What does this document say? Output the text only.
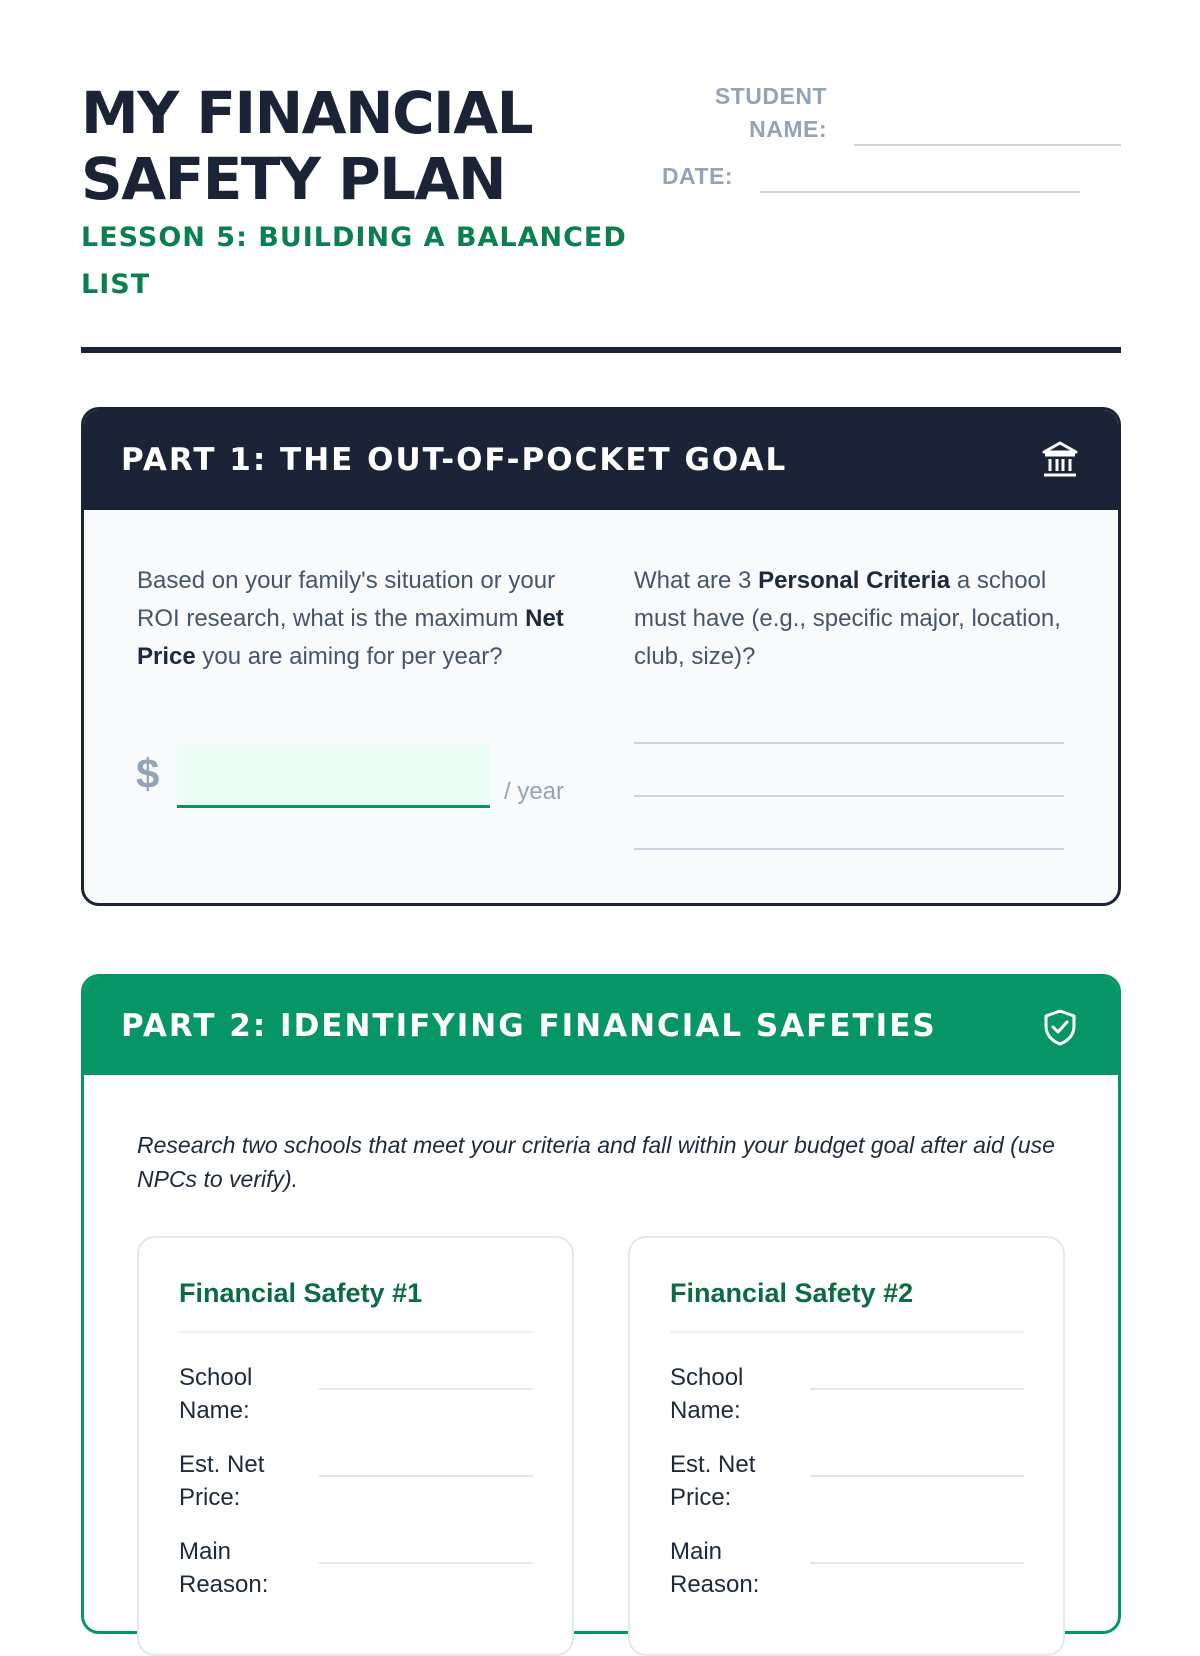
MY FINANCIAL
SAFETY PLAN
LESSON 5: BUILDING A BALANCED LIST
STUDENT
NAME:
DATE:
PART 1: THE OUT-OF-POCKET GOAL
Based on your family's situation or your ROI research, what is the maximum Net Price you are aiming for per year?
$	/ year
What are 3 Personal Criteria a school must have (e.g., specific major, location, club, size)?
PART 2: IDENTIFYING FINANCIAL SAFETIES
Research two schools that meet your criteria and fall within your budget goal after aid (use NPCs to verify).
Financial Safety #1
School
Name:
Est. Net
Price:
Main
Reason:
Financial Safety #2
School
Name:
Est. Net
Price:
Main
Reason:
